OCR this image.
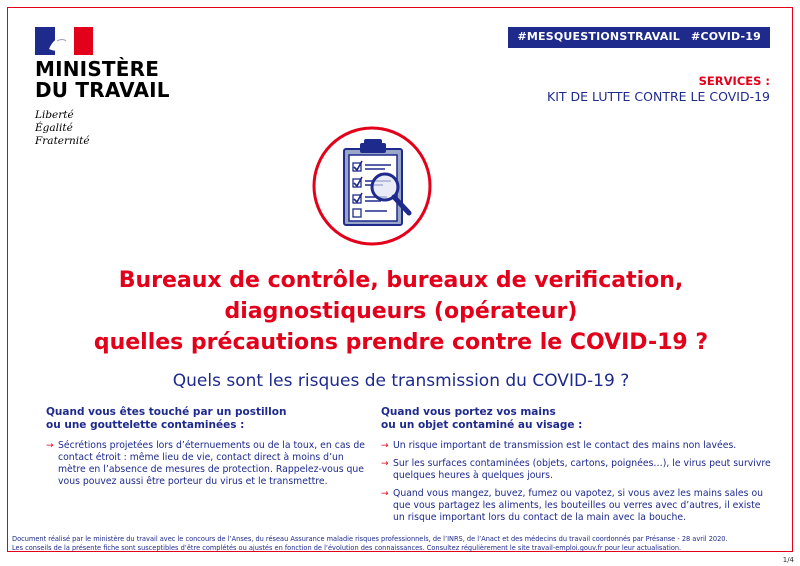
MINISTÈRE
DU TRAVAIL
Liberté
Égalité
Fraternité
#MESQUESTIONSTRAVAIL #COVID-19
SERVICES :
KIT DE LUTTE CONTRE LE COVID-19
Bureaux de contrôle, bureaux de verification,
diagnostiqueurs (opérateur)
quelles précautions prendre contre le COVID-19 ?
Quels sont les risques de transmission du COVID-19 ?
Quand vous êtes touché par un postillon
ou une gouttelette contaminées :
→ Sécrétions projetées lors d’éternuements ou de la toux, en cas de contact étroit : même lieu de vie, contact direct à moins d’un mètre en l’absence de mesures de protection. Rappelez-vous que vous pouvez aussi être porteur du virus et le transmettre.
Quand vous portez vos mains
ou un objet contaminé au visage :
→ Un risque important de transmission est le contact des mains non lavées.
→ Sur les surfaces contaminées (objets, cartons, poignées…), le virus peut survivre quelques heures à quelques jours.
→ Quand vous mangez, buvez, fumez ou vapotez, si vous avez les mains sales ou que vous partagez les aliments, les bouteilles ou verres avec d’autres, il existe un risque important lors du contact de la main avec la bouche.
Document réalisé par le ministère du travail avec le concours de l’Anses, du réseau Assurance maladie risques professionnels, de l’INRS, de l’Anact et des médecins du travail coordonnés par Présanse - 28 avril 2020.
Les conseils de la présente fiche sont susceptibles d’être complétés ou ajustés en fonction de l’évolution des connaissances. Consultez régulièrement le site travail-emploi.gouv.fr pour leur actualisation.
1/4
